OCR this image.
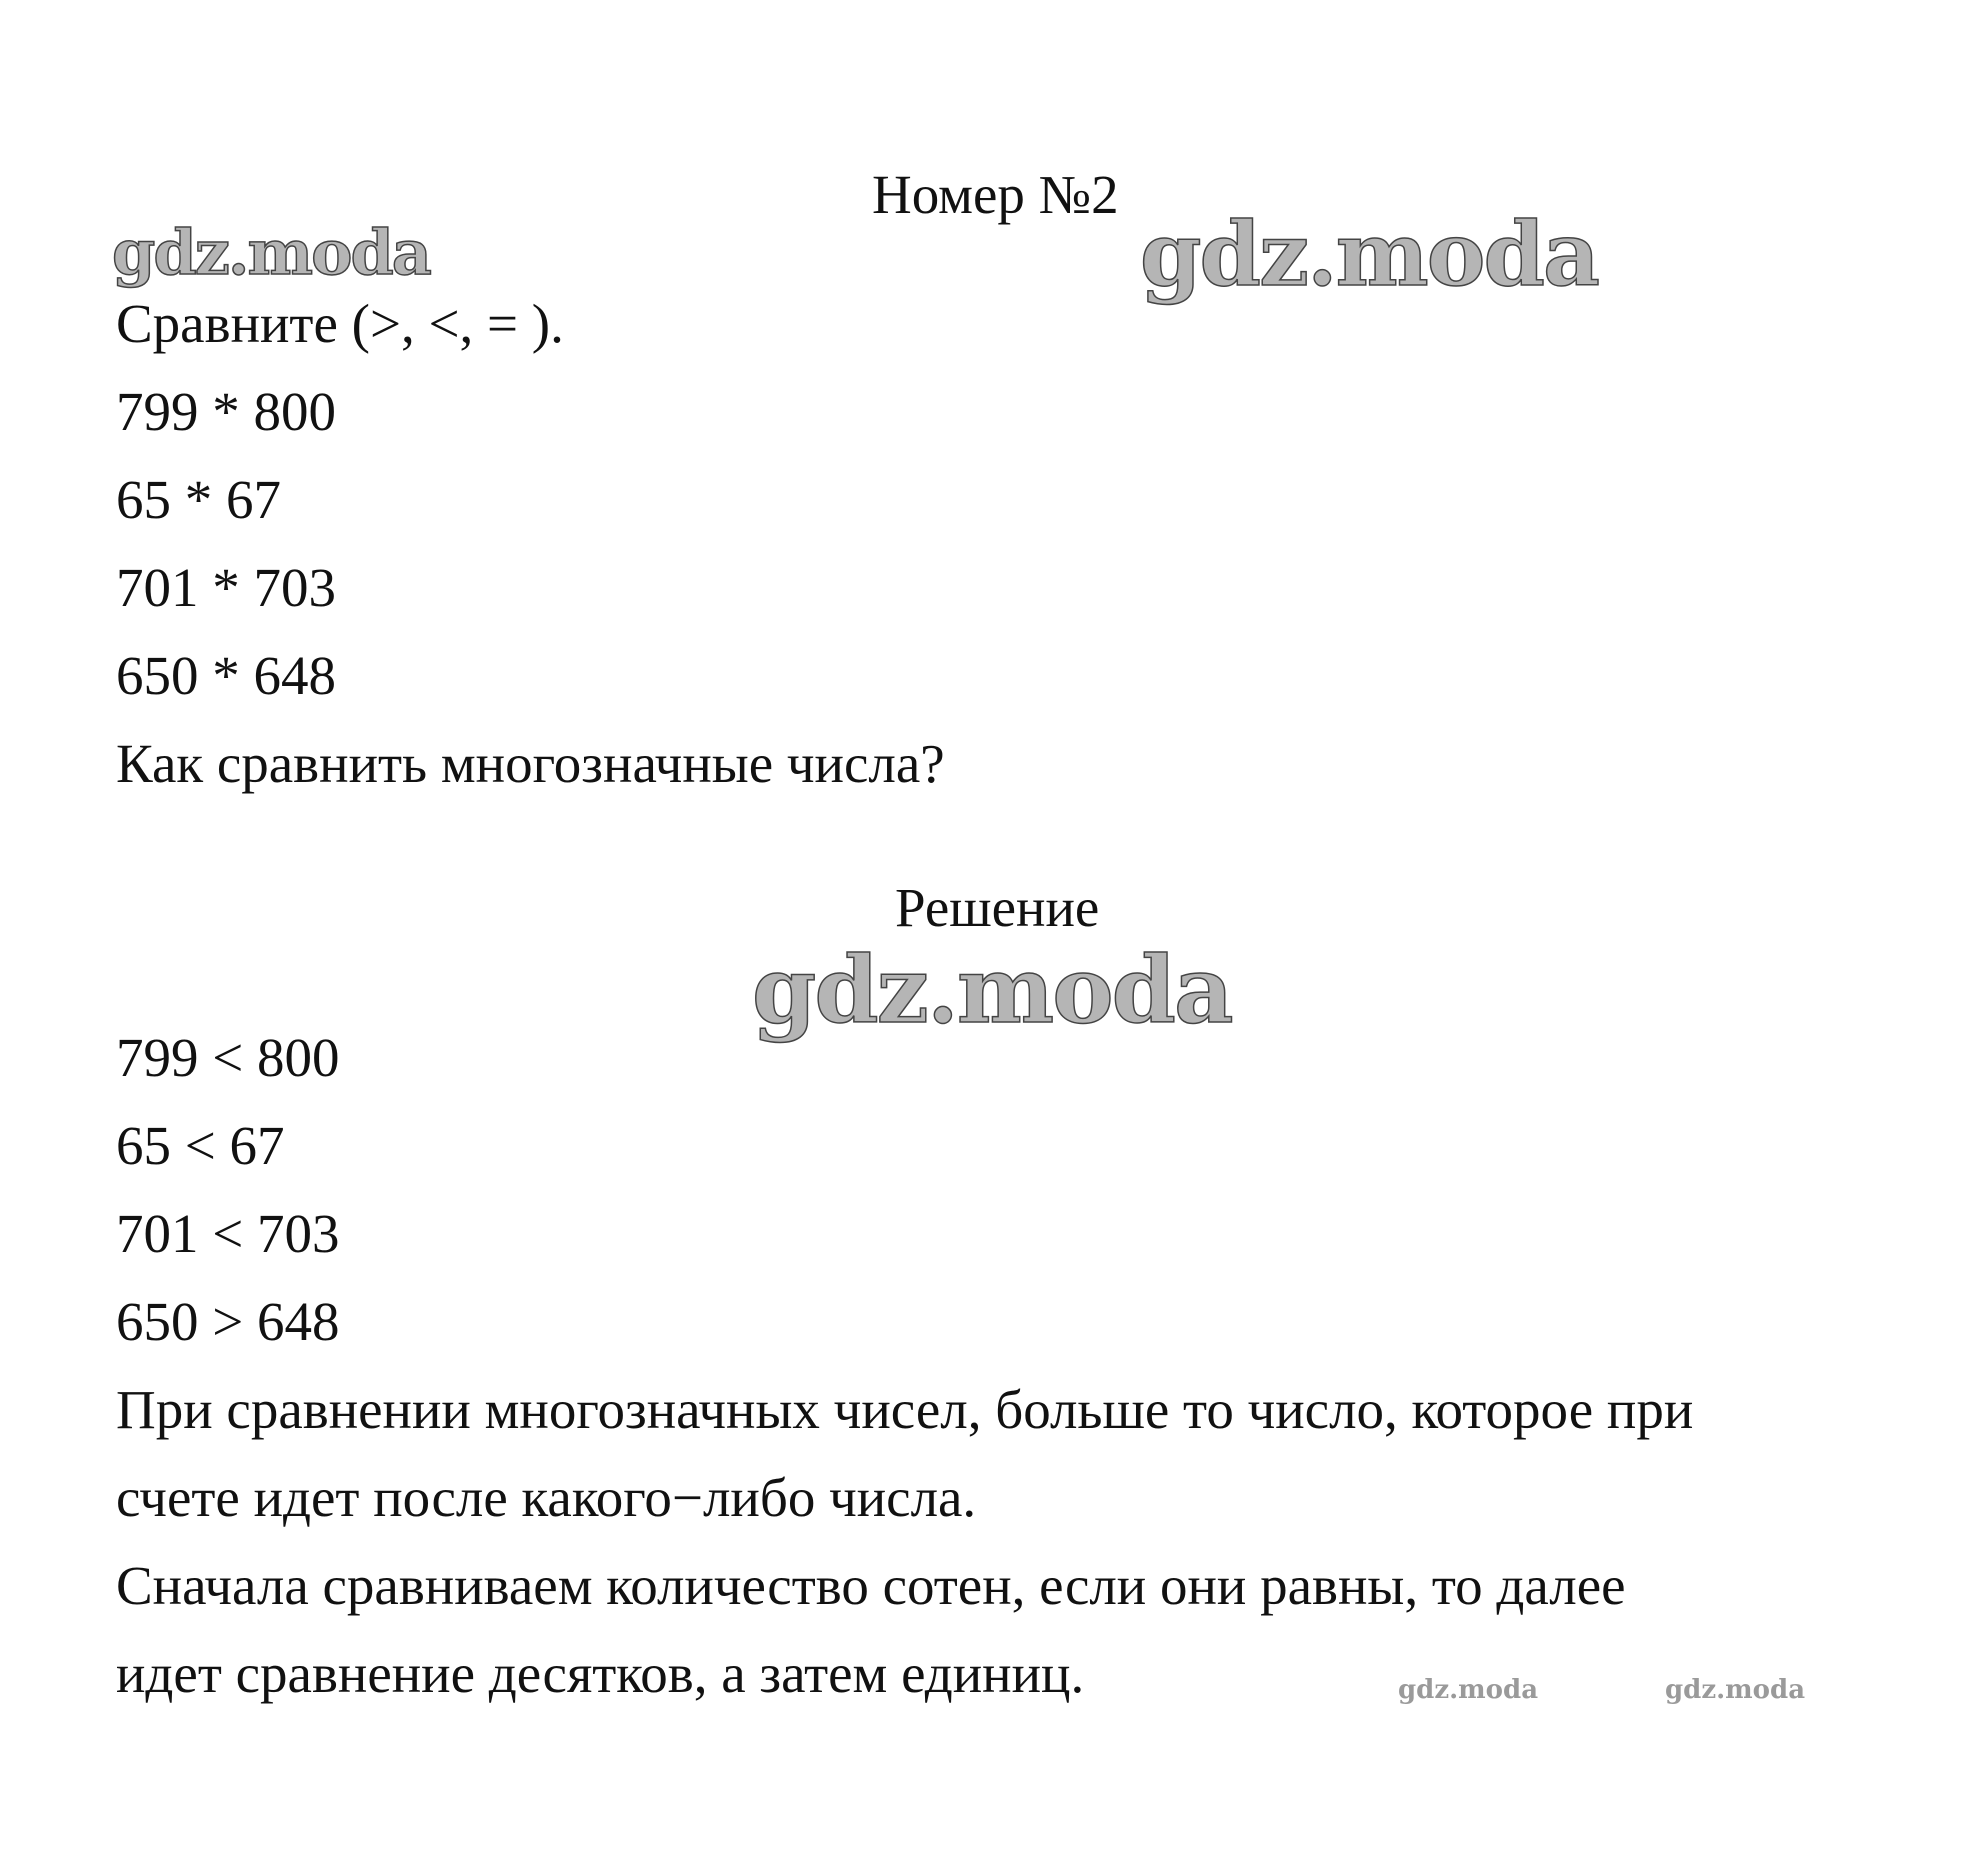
gdz.moda	gdz.moda
gdz.moda
gdz.moda	gdz.moda
Номер №2
Сравните (>, <, = ).
799 * 800
65 * 67
701 * 703
650 * 648
Как сравнить многозначные числа?
Решение
799 < 800
65 < 67
701 < 703
650 > 648
При сравнении многозначных чисел, больше то число, которое при
счете идет после какого−либо числа.
Сначала сравниваем количество сотен, если они равны, то далее
идет сравнение десятков, а затем единиц.
